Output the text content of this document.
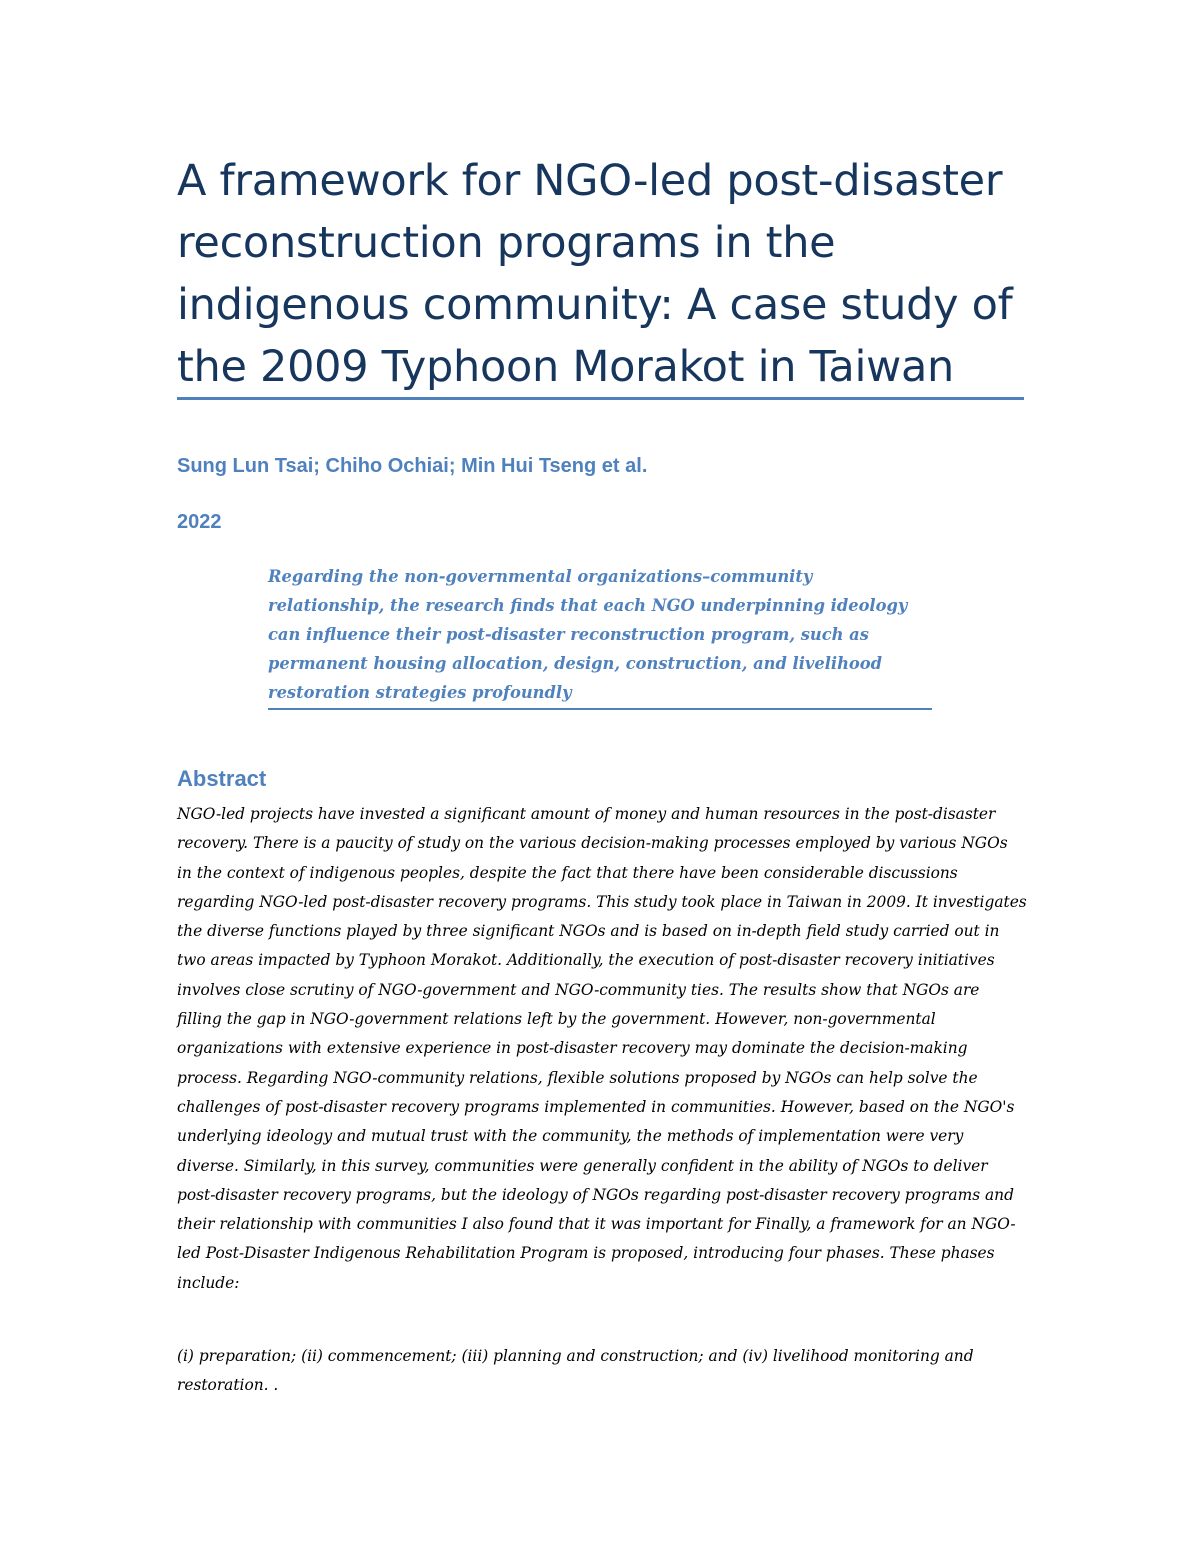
A framework for NGO-led post-disaster reconstruction programs in the indigenous community: A case study of the 2009 Typhoon Morakot in Taiwan
Sung Lun Tsai; Chiho Ochiai; Min Hui Tseng et al.
2022
Regarding the non-governmental organizations–community relationship, the research finds that each NGO underpinning ideology can influence their post-disaster reconstruction program, such as permanent housing allocation, design, construction, and livelihood restoration strategies profoundly
Abstract

NGO-led projects have invested a significant amount of money and human resources in the post-disaster recovery. There is a paucity of study on the various decision-making processes employed by various NGOs in the context of indigenous peoples, despite the fact that there have been considerable discussions regarding NGO-led post-disaster recovery programs. This study took place in Taiwan in 2009. It investigates the diverse functions played by three significant NGOs and is based on in-depth field study carried out in two areas impacted by Typhoon Morakot. Additionally, the execution of post-disaster recovery initiatives involves close scrutiny of NGO-government and NGO-community ties. The results show that NGOs are filling the gap in NGO-government relations left by the government. However, non-governmental organizations with extensive experience in post-disaster recovery may dominate the decision-making process. Regarding NGO-community relations, flexible solutions proposed by NGOs can help solve the challenges of post-disaster recovery programs implemented in communities. However, based on the NGO's underlying ideology and mutual trust with the community, the methods of implementation were very diverse. Similarly, in this survey, communities were generally confident in the ability of NGOs to deliver post-disaster recovery programs, but the ideology of NGOs regarding post-disaster recovery programs and their relationship with communities I also found that it was important for Finally, a framework for an NGO-led Post-Disaster Indigenous Rehabilitation Program is proposed, introducing four phases. These phases include:

(i) preparation; (ii) commencement; (iii) planning and construction; and (iv) livelihood monitoring and restoration. .
